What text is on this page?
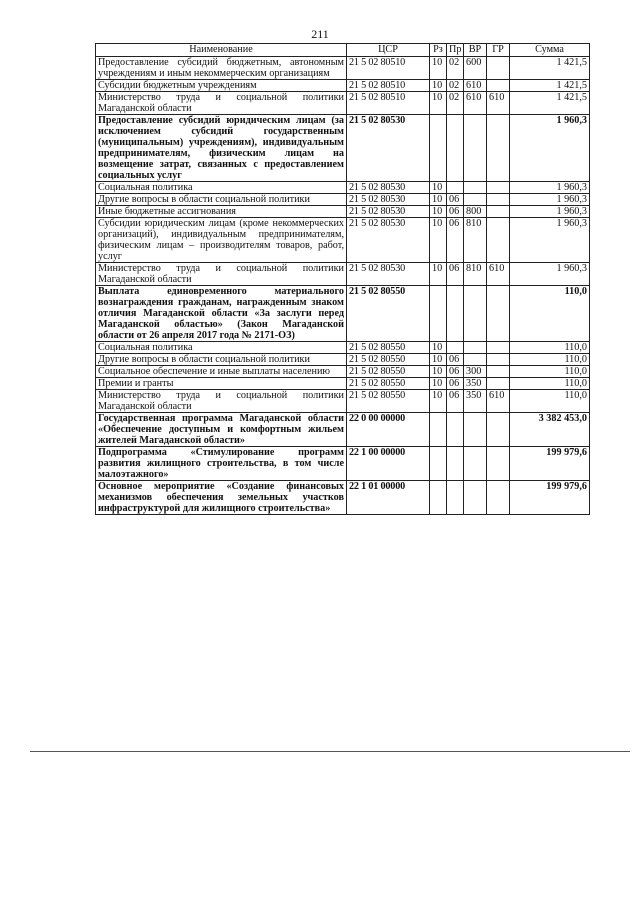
211
Наименование	ЦСР	Рз	Пр	ВР	ГР	Сумма
Предоставление субсидий бюджетным, автономным учреждениям и иным некоммерческим организациям	21 5 02 80510	10	02	600		1 421,5
Субсидии бюджетным учреждениям	21 5 02 80510	10	02	610		1 421,5
Министерство труда и социальной политики Магаданской области	21 5 02 80510	10	02	610	610	1 421,5
Предоставление субсидий юридическим лицам (за исключением субсидий государственным (муниципальным) учреждениям), индивидуальным предпринимателям, физическим лицам на возмещение затрат, связанных с предоставлением социальных услуг	21 5 02 80530					1 960,3
Социальная политика	21 5 02 80530	10				1 960,3
Другие вопросы в области социальной политики	21 5 02 80530	10	06			1 960,3
Иные бюджетные ассигнования	21 5 02 80530	10	06	800		1 960,3
Субсидии юридическим лицам (кроме некоммерческих организаций), индивидуальным предпринимателям, физическим лицам – производителям товаров, работ, услуг	21 5 02 80530	10	06	810		1 960,3
Министерство труда и социальной политики Магаданской области	21 5 02 80530	10	06	810	610	1 960,3
Выплата единовременного материального вознаграждения гражданам, награжденным знаком отличия Магаданской области «За заслуги перед Магаданской областью» (Закон Магаданской области от 26 апреля 2017 года № 2171-ОЗ)	21 5 02 80550					110,0
Социальная политика	21 5 02 80550	10				110,0
Другие вопросы в области социальной политики	21 5 02 80550	10	06			110,0
Социальное обеспечение и иные выплаты населению	21 5 02 80550	10	06	300		110,0
Премии и гранты	21 5 02 80550	10	06	350		110,0
Министерство труда и социальной политики Магаданской области	21 5 02 80550	10	06	350	610	110,0
Государственная программа Магаданской области «Обеспечение доступным и комфортным жильем жителей Магаданской области»	22 0 00 00000					3 382 453,0
Подпрограмма «Стимулирование программ развития жилищного строительства, в том числе малоэтажного»	22 1 00 00000					199 979,6
Основное мероприятие «Создание финансовых механизмов обеспечения земельных участков инфраструктурой для жилищного строительства»	22 1 01 00000					199 979,6
